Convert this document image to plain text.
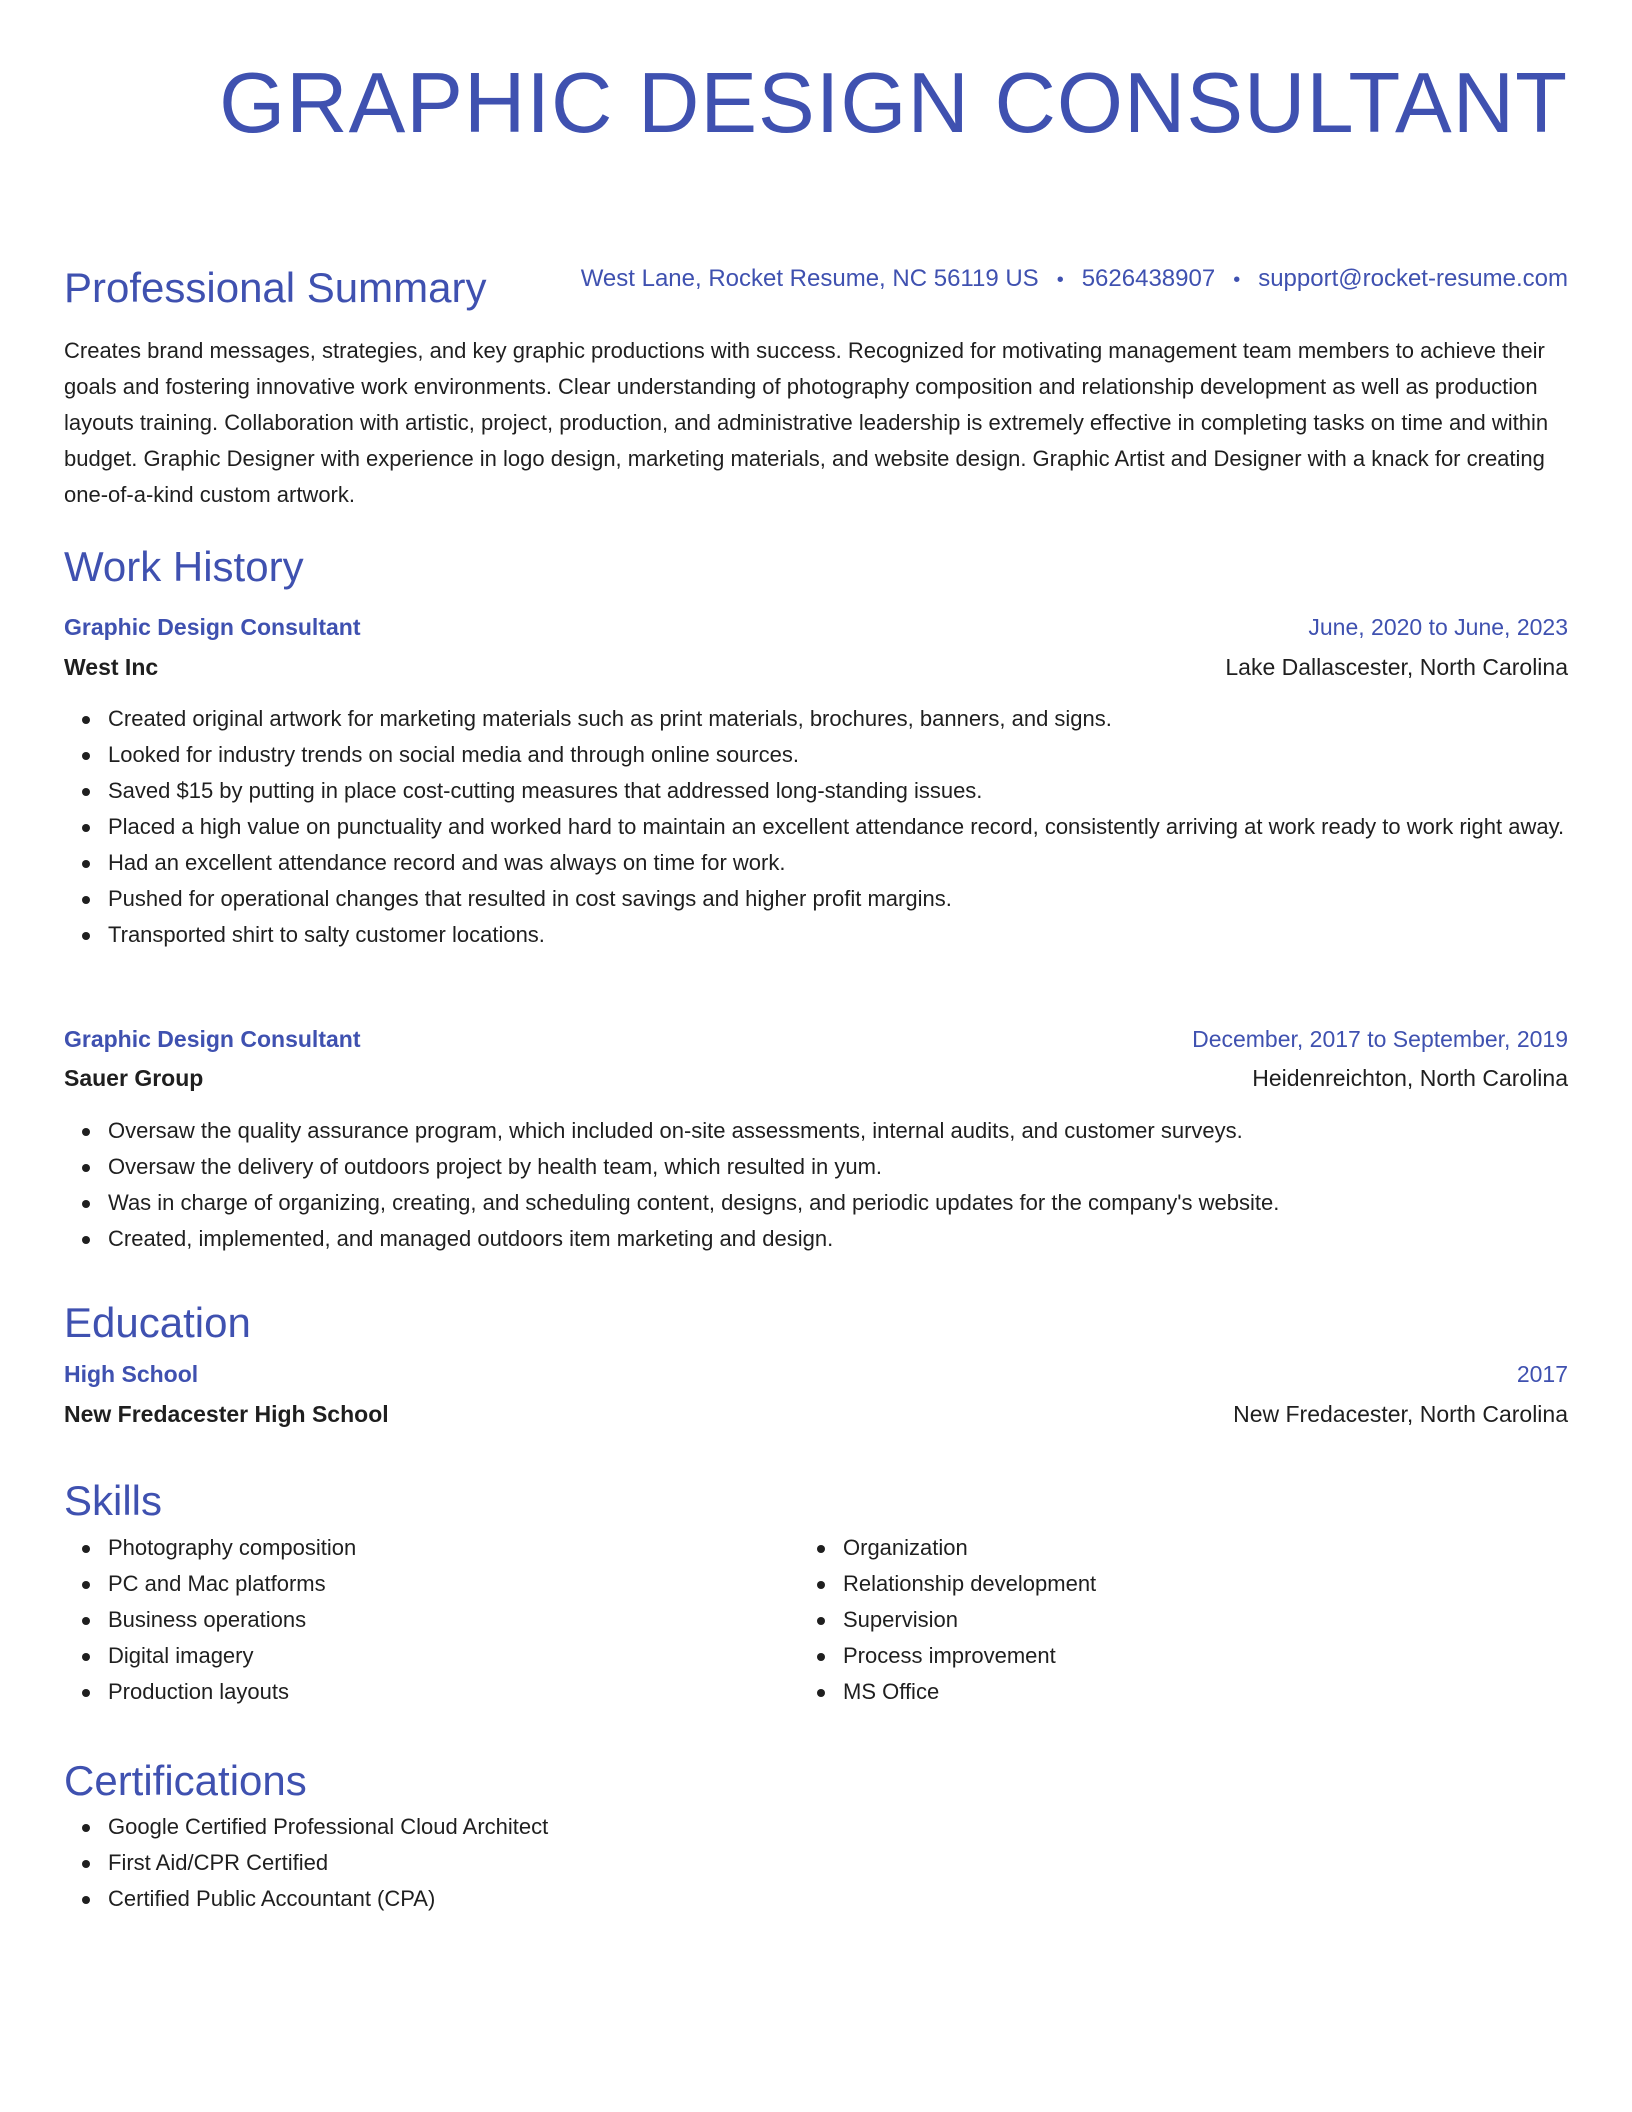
GRAPHIC DESIGN CONSULTANT
West Lane, Rocket Resume, NC 56119 US • 5626438907 • support@rocket-resume.com
Professional Summary

Creates brand messages, strategies, and key graphic productions with success. Recognized for motivating management team members to achieve their goals and fostering innovative work environments. Clear understanding of photography composition and relationship development as well as production layouts training. Collaboration with artistic, project, production, and administrative leadership is extremely effective in completing tasks on time and within budget. Graphic Designer with experience in logo design, marketing materials, and website design. Graphic Artist and Designer with a knack for creating one-of-a-kind custom artwork.

Work History
Graphic Design Consultant	June, 2020 to June, 2023
West Inc	Lake Dallascester, North Carolina
Created original artwork for marketing materials such as print materials, brochures, banners, and signs.
Looked for industry trends on social media and through online sources.
Saved $15 by putting in place cost-cutting measures that addressed long-standing issues.
Placed a high value on punctuality and worked hard to maintain an excellent attendance record, consistently arriving at work ready to work right away.
Had an excellent attendance record and was always on time for work.
Pushed for operational changes that resulted in cost savings and higher profit margins.
Transported shirt to salty customer locations.
Graphic Design Consultant	December, 2017 to September, 2019
Sauer Group	Heidenreichton, North Carolina
Oversaw the quality assurance program, which included on-site assessments, internal audits, and customer surveys.
Oversaw the delivery of outdoors project by health team, which resulted in yum.
Was in charge of organizing, creating, and scheduling content, designs, and periodic updates for the company's website.
Created, implemented, and managed outdoors item marketing and design.
Education
High School	2017
New Fredacester High School	New Fredacester, North Carolina
Skills
Photography composition
PC and Mac platforms
Business operations
Digital imagery
Production layouts
Organization
Relationship development
Supervision
Process improvement
MS Office
Certifications
Google Certified Professional Cloud Architect
First Aid/CPR Certified
Certified Public Accountant (CPA)
